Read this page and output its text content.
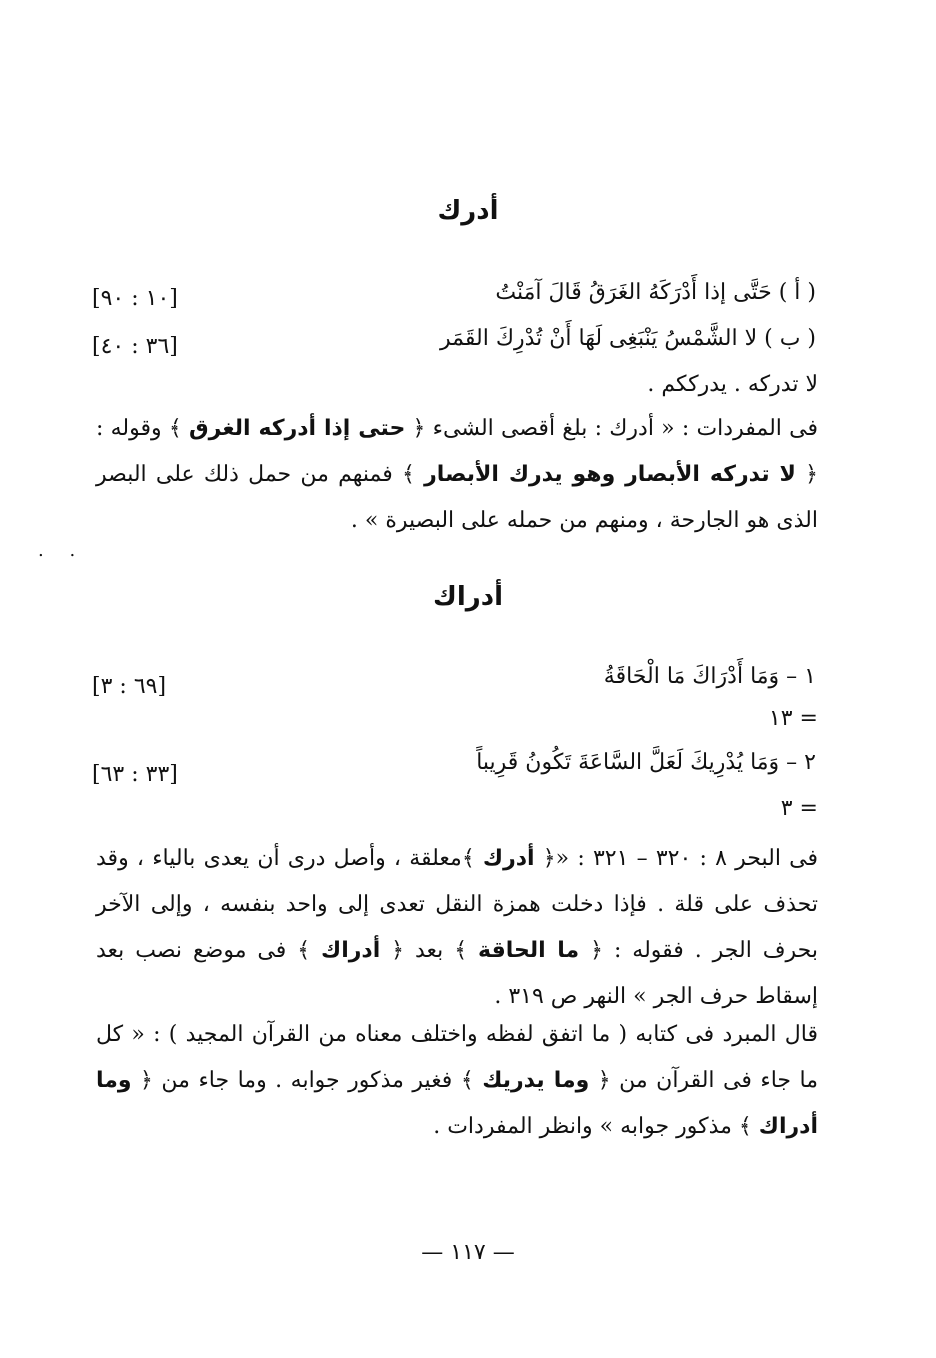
أدرك
( أ ) حَتَّى إذا أَدْرَكَهُ الغَرَقُ قَالَ آمَنْتُ
[١٠ : ٩٠]
( ب ) لا الشَّمْسُ يَنْبَغِى لَهَا أَنْ تُدْرِكَ القَمَر
[٣٦ : ٤٠]
لا تدركه . يدرككم .
فى المفردات : « أدرك : بلغ أقصى الشىء ﴿ حتى إذا أدركه الغرق ﴾ وقوله : ﴿ لا تدركه الأبصار وهو يدرك الأبصار ﴾ فمنهم من حمل ذلك على البصر الذى هو الجارحة ، ومنهم من حمله على البصيرة » .
. .
أدراك
١ – وَمَا أَدْرَاكَ مَا الْحَاقَةُ
[٦٩ : ٣]
= ١٣
٢ – وَمَا يُدْرِيكَ لَعَلَّ السَّاعَةَ تَكُونُ قَرِيباً
[٣٣ : ٦٣]
= ٣
فى البحر ٨ : ٣٢٠ – ٣٢١ : «﴿ أدرك ﴾معلقة ، وأصل درى أن يعدى بالياء ، وقد تحذف على قلة . فإذا دخلت همزة النقل تعدى إلى واحد بنفسه ، وإلى الآخر بحرف الجر . فقوله : ﴿ ما الحاقة ﴾ بعد ﴿ أدراك ﴾ فى موضع نصب بعد إسقاط حرف الجر » النهر ص ٣١٩ .
قال المبرد فى كتابه ( ما اتفق لفظه واختلف معناه من القرآن المجيد ) : « كل ما جاء فى القرآن من ﴿ وما يدريك ﴾ فغير مذكور جوابه . وما جاء من ﴿ وما أدراك ﴾ مذكور جوابه » وانظر المفردات .
— ١١٧ —
